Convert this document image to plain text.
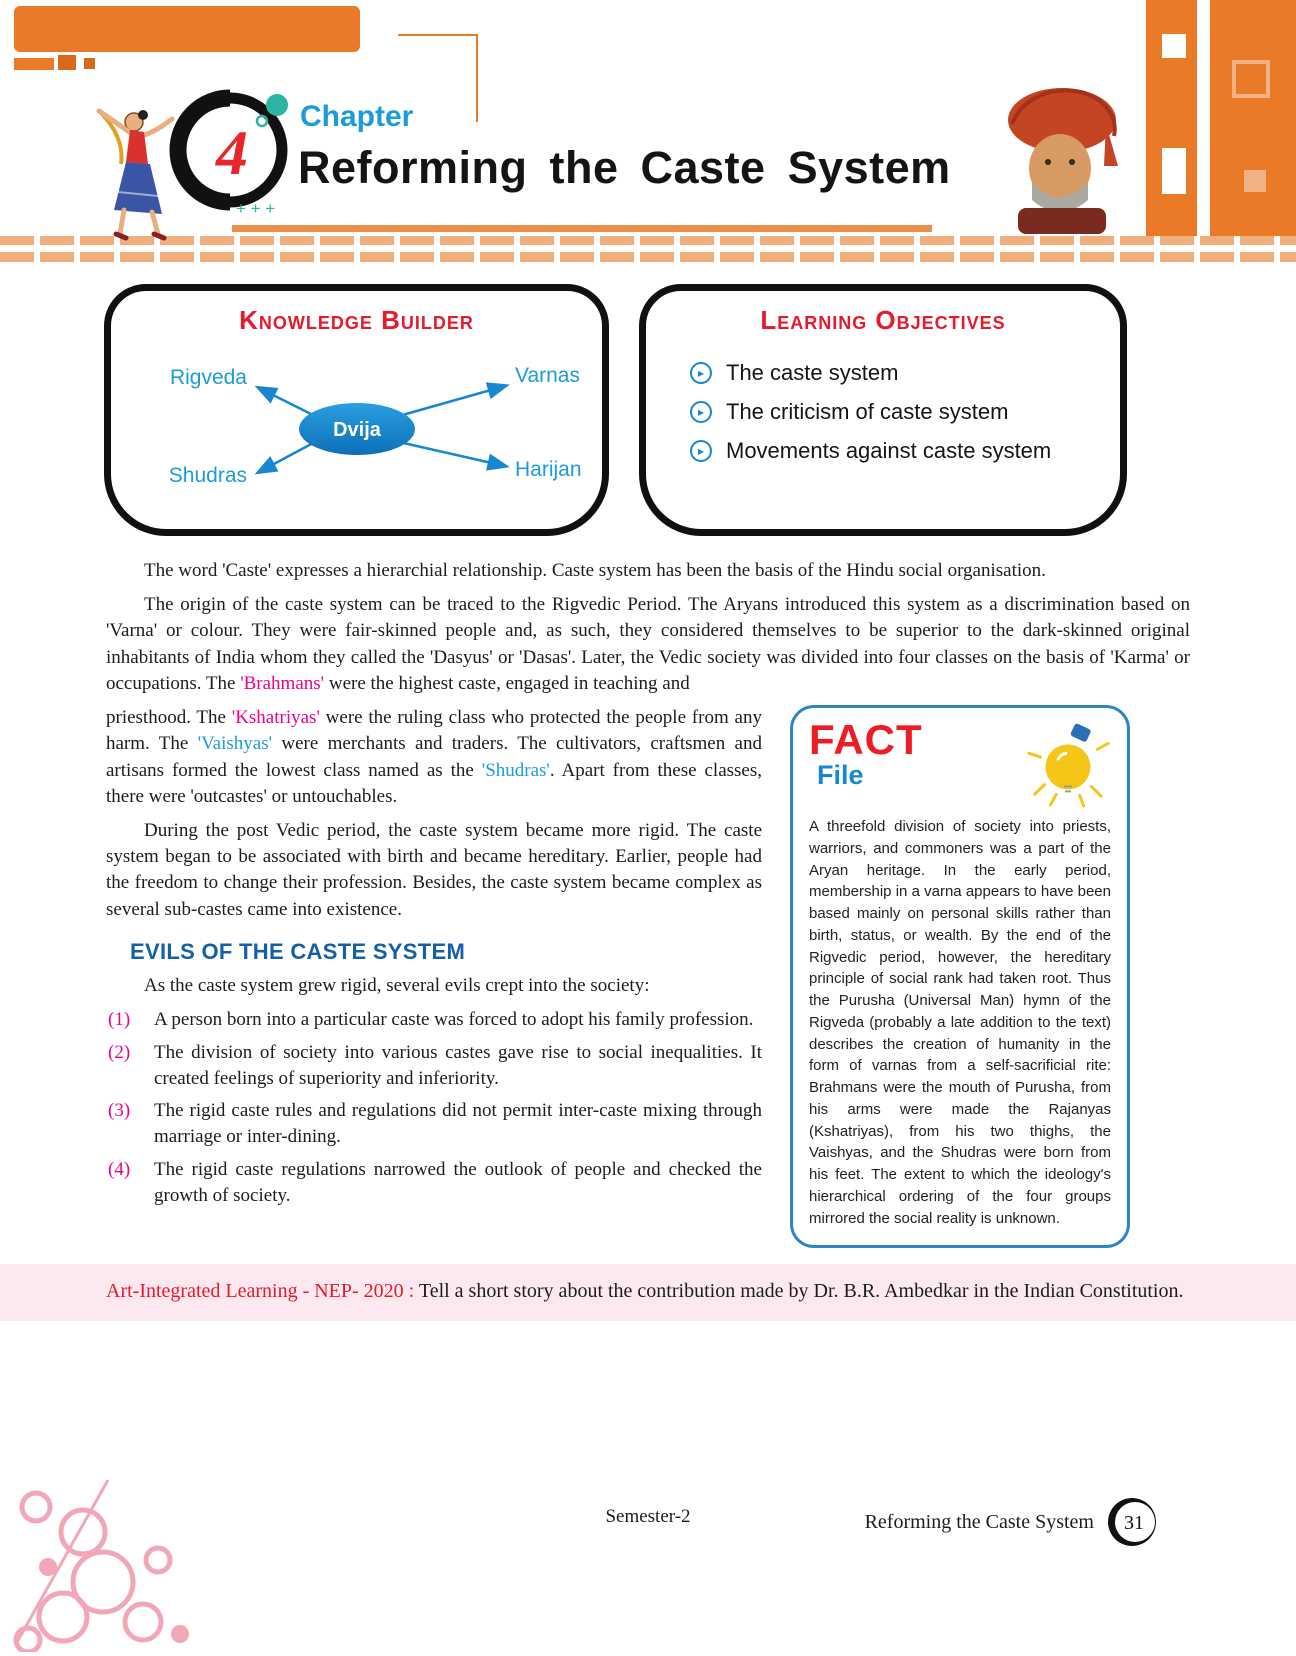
4
+ + +
Chapter
Reforming the Caste System
Knowledge Builder
Dvija
Rigveda	Varnas
Shudras	Harijan
Learning Objectives
▸
The caste system
▸
The criticism of caste system
▸
Movements against caste system

The word 'Caste' expresses a hierarchial relationship. Caste system has been the basis of the Hindu social organisation.

The origin of the caste system can be traced to the Rigvedic Period. The Aryans introduced this system as a discrimination based on 'Varna' or colour. They were fair-skinned people and, as such, they considered themselves to be superior to the dark-skinned original inhabitants of India whom they called the 'Dasyus' or 'Dasas'. Later, the Vedic society was divided into four classes on the basis of 'Karma' or occupations. The 'Brahmans' were the highest caste, engaged in teaching and

priesthood. The 'Kshatriyas' were the ruling class who protected the people from any harm. The 'Vaishyas' were merchants and traders. The cultivators, craftsmen and artisans formed the lowest class named as the 'Shudras'. Apart from these classes, there were 'outcastes' or untouchables.

During the post Vedic period, the caste system became more rigid. The caste system began to be associated with birth and became hereditary. Earlier, people had the freedom to change their profession. Besides, the caste system became complex as several sub-castes came into existence.

EVILS OF THE CASTE SYSTEM

As the caste system grew rigid, several evils crept into the society:

(1)	A person born into a particular caste was forced to adopt his family profession.
(2)	The division of society into various castes gave rise to social inequalities. It created feelings of superiority and inferiority.
(3)	The rigid caste rules and regulations did not permit inter-caste mixing through marriage or inter-dining.
(4)	The rigid caste regulations narrowed the outlook of people and checked the growth of society.
FACT
File
A threefold division of society into priests, warriors, and commoners was a part of the Aryan heritage. In the early period, membership in a varna appears to have been based mainly on personal skills rather than birth, status, or wealth. By the end of the Rigvedic period, however, the hereditary principle of social rank had taken root. Thus the Purusha (Universal Man) hymn of the Rigveda (probably a late addition to the text) describes the creation of humanity in the form of varnas from a self-sacrificial rite: Brahmans were the mouth of Purusha, from his arms were made the Rajanyas (Kshatriyas), from his two thighs, the Vaishyas, and the Shudras were born from his feet. The extent to which the ideology's hierarchical ordering of the four groups mirrored the social reality is unknown.
Art-Integrated Learning - NEP- 2020 : Tell a short story about the contribution made by Dr. B.R. Ambedkar in the Indian Constitution.
Semester-2	Reforming the Caste System 31
